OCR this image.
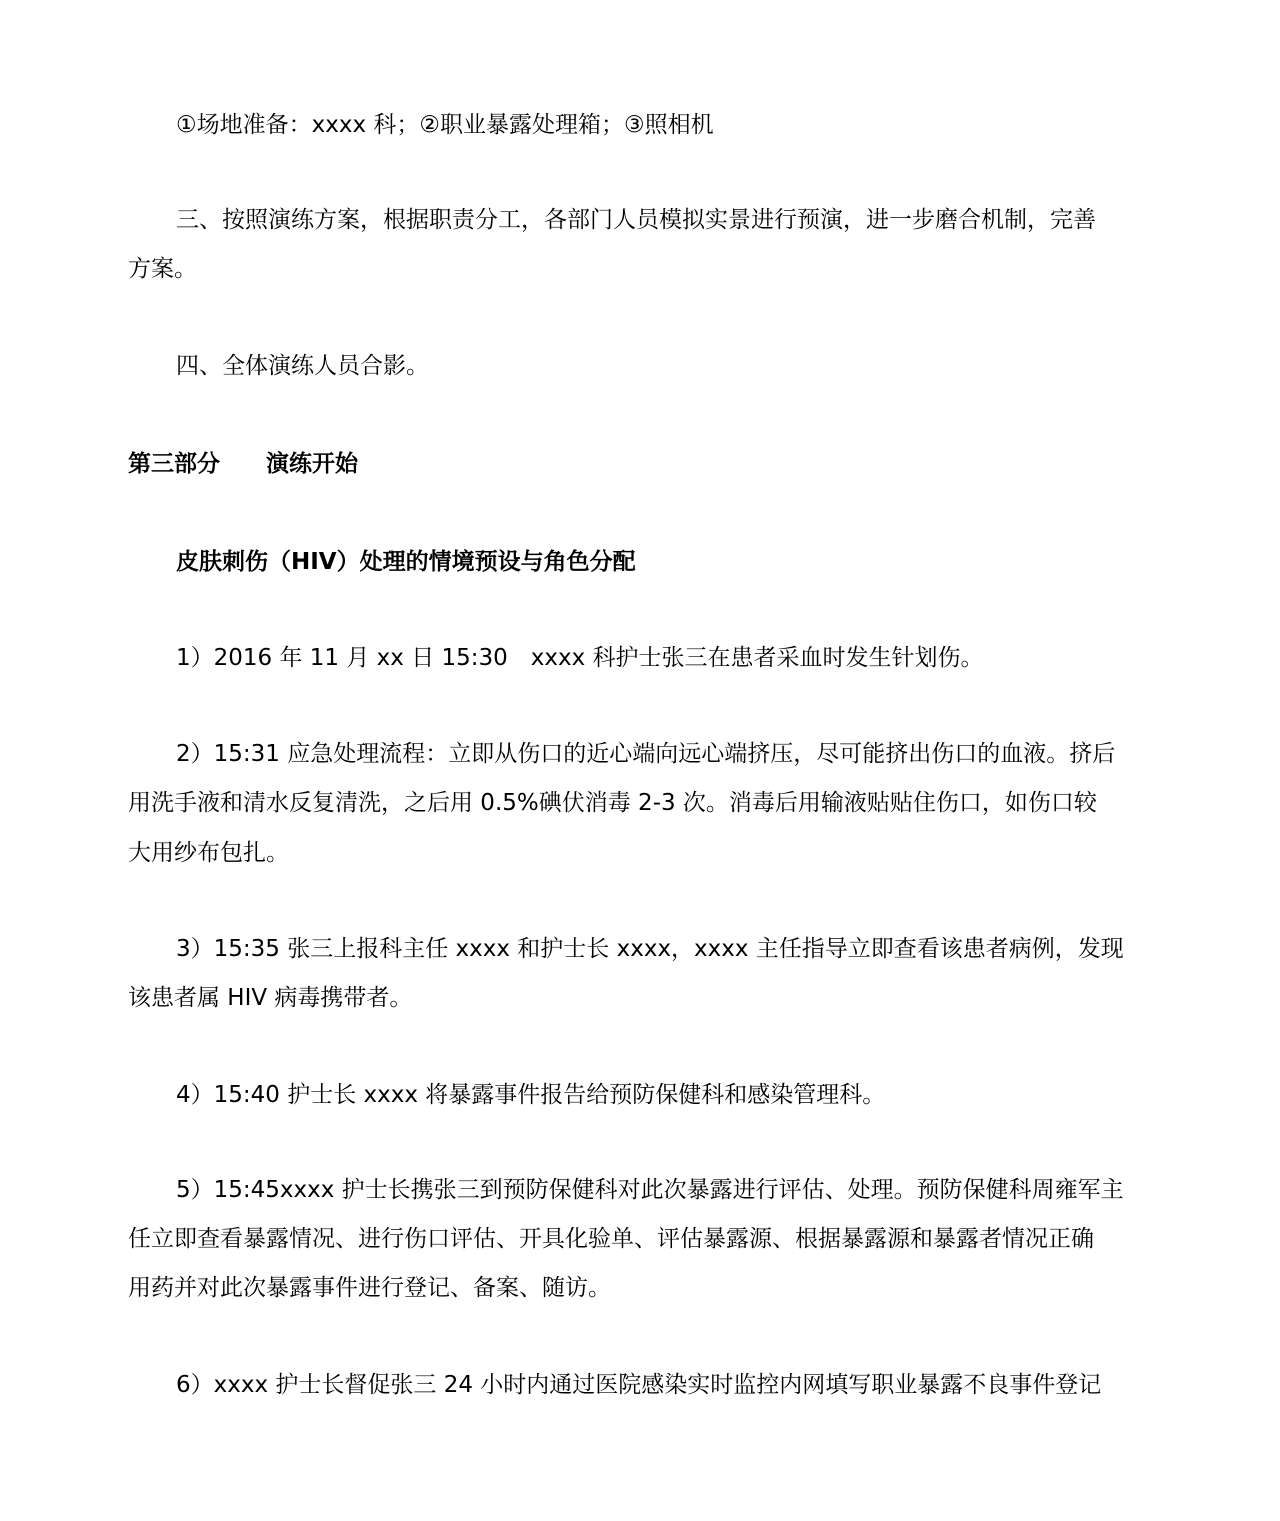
①场地准备：xxxx 科；②职业暴露处理箱；③照相机
三、按照演练方案，根据职责分工，各部门人员模拟实景进行预演，进一步磨合机制，完善
方案。
四、全体演练人员合影。
第三部分　　演练开始
皮肤刺伤（HIV）处理的情境预设与角色分配
1）2016 年 11 月 xx 日 15:30　xxxx 科护士张三在患者采血时发生针划伤。
2）15:31 应急处理流程：立即从伤口的近心端向远心端挤压，尽可能挤出伤口的血液。挤后
用洗手液和清水反复清洗，之后用 0.5%碘伏消毒 2-3 次。消毒后用输液贴贴住伤口，如伤口较
大用纱布包扎。
3）15:35 张三上报科主任 xxxx 和护士长 xxxx，xxxx 主任指导立即查看该患者病例，发现
该患者属 HIV 病毒携带者。
4）15:40 护士长 xxxx 将暴露事件报告给预防保健科和感染管理科。
5）15:45xxxx 护士长携张三到预防保健科对此次暴露进行评估、处理。预防保健科周雍军主
任立即查看暴露情况、进行伤口评估、开具化验单、评估暴露源、根据暴露源和暴露者情况正确
用药并对此次暴露事件进行登记、备案、随访。
6）xxxx 护士长督促张三 24 小时内通过医院感染实时监控内网填写职业暴露不良事件登记
